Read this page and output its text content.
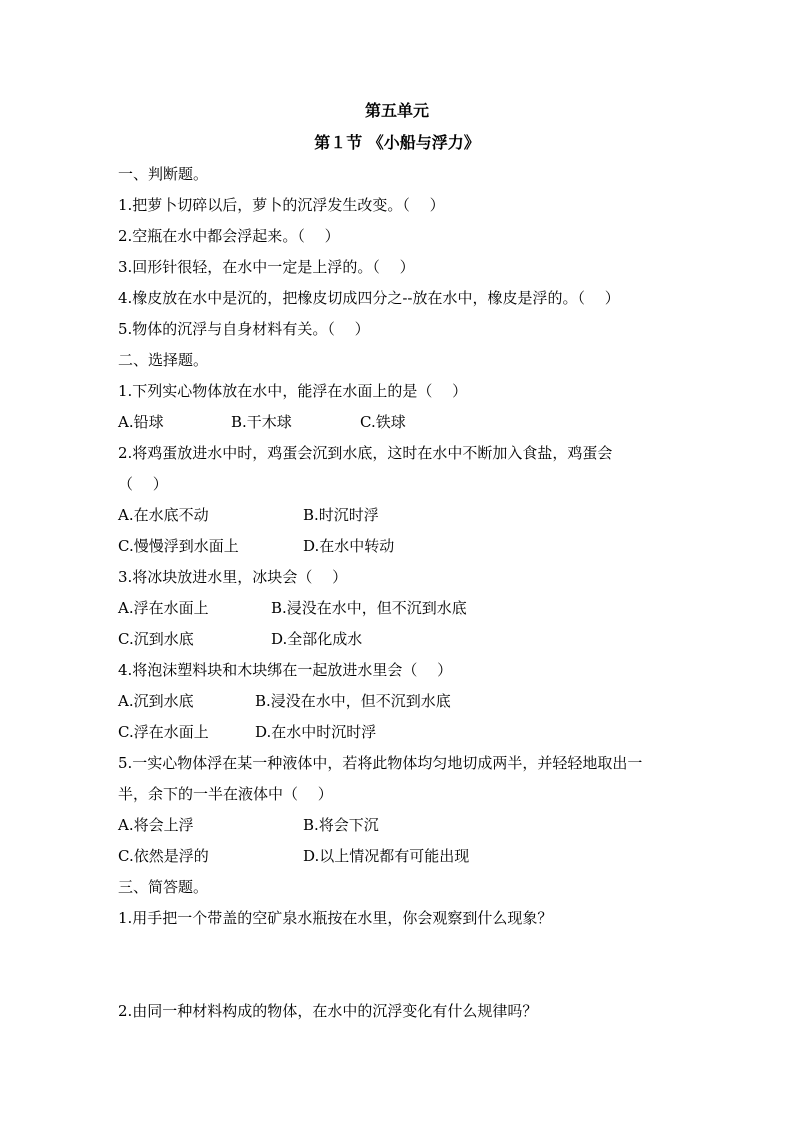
第五单元
第１节 《小船与浮力》
一、判断题。
1.把萝卜切碎以后，萝卜的沉浮发生改变。（　 ）
2.空瓶在水中都会浮起来。（　 ）
3.回形针很轻，在水中一定是上浮的。（　 ）
4.橡皮放在水中是沉的，把橡皮切成四分之--放在水中，橡皮是浮的。（　 ）
5.物体的沉浮与自身材料有关。（　 ）
二、选择题。
1.下列实心物体放在水中，能浮在水面上的是（　 ）
A.铅球	B.干木球	C.铁球
2.将鸡蛋放进水中时，鸡蛋会沉到水底，这时在水中不断加入食盐，鸡蛋会
（　 ）
A.在水底不动	B.时沉时浮
C.慢慢浮到水面上	D.在水中转动
3.将冰块放进水里，冰块会（　 ）
A.浮在水面上	B.浸没在水中，但不沉到水底
C.沉到水底	D.全部化成水
4.将泡沫塑料块和木块绑在一起放进水里会（　 ）
A.沉到水底	B.浸没在水中，但不沉到水底
C.浮在水面上	D.在水中时沉时浮
5.一实心物体浮在某一种液体中，若将此物体均匀地切成两半，并轻轻地取出一
半，余下的一半在液体中（　 ）
A.将会上浮	B.将会下沉
C.依然是浮的	D.以上情况都有可能出现
三、简答题。
1.用手把一个带盖的空矿泉水瓶按在水里，你会观察到什么现象？
2.由同一种材料构成的物体，在水中的沉浮变化有什么规律吗？
